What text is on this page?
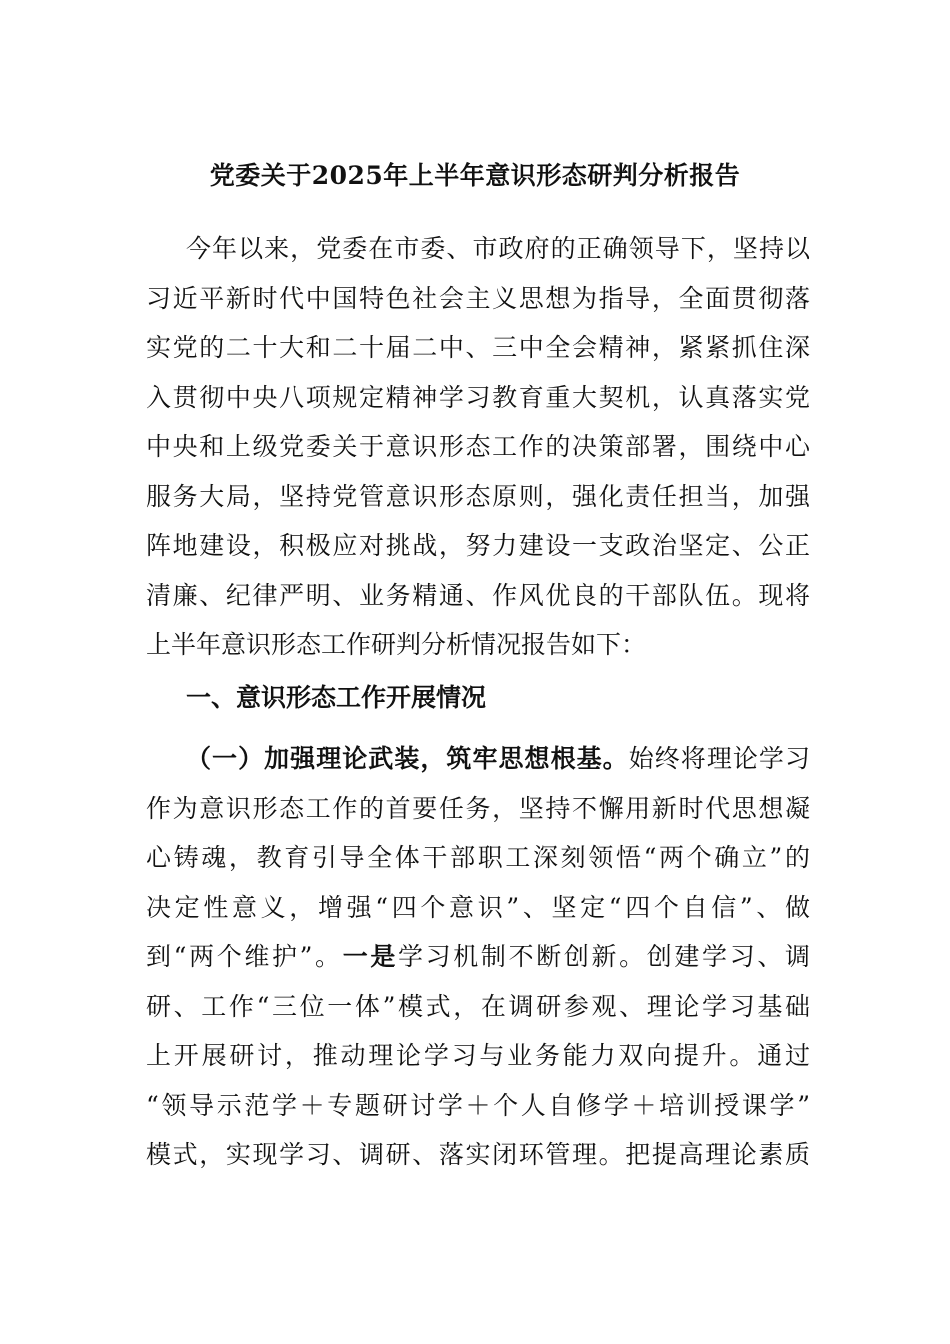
党委关于2025年上半年意识形态研判分析报告
今年以来，党委在市委、市政府的正确领导下，坚持以
习近平新时代中国特色社会主义思想为指导，全面贯彻落
实党的二十大和二十届二中、三中全会精神，紧紧抓住深
入贯彻中央八项规定精神学习教育重大契机，认真落实党
中央和上级党委关于意识形态工作的决策部署，围绕中心
服务大局，坚持党管意识形态原则，强化责任担当，加强
阵地建设，积极应对挑战，努力建设一支政治坚定、公正
清廉、纪律严明、业务精通、作风优良的干部队伍。现将
上半年意识形态工作研判分析情况报告如下：
一、意识形态工作开展情况
（一）加强理论武装，筑牢思想根基。始终将理论学习
作为意识形态工作的首要任务，坚持不懈用新时代思想凝
心铸魂，教育引导全体干部职工深刻领悟“两个确立”的
决定性意义，增强“四个意识”、坚定“四个自信”、做
到“两个维护”。一是学习机制不断创新。创建学习、调
研、工作“三位一体”模式，在调研参观、理论学习基础
上开展研讨，推动理论学习与业务能力双向提升。通过
“领导示范学＋专题研讨学＋个人自修学＋培训授课学”
模式，实现学习、调研、落实闭环管理。把提高理论素质
